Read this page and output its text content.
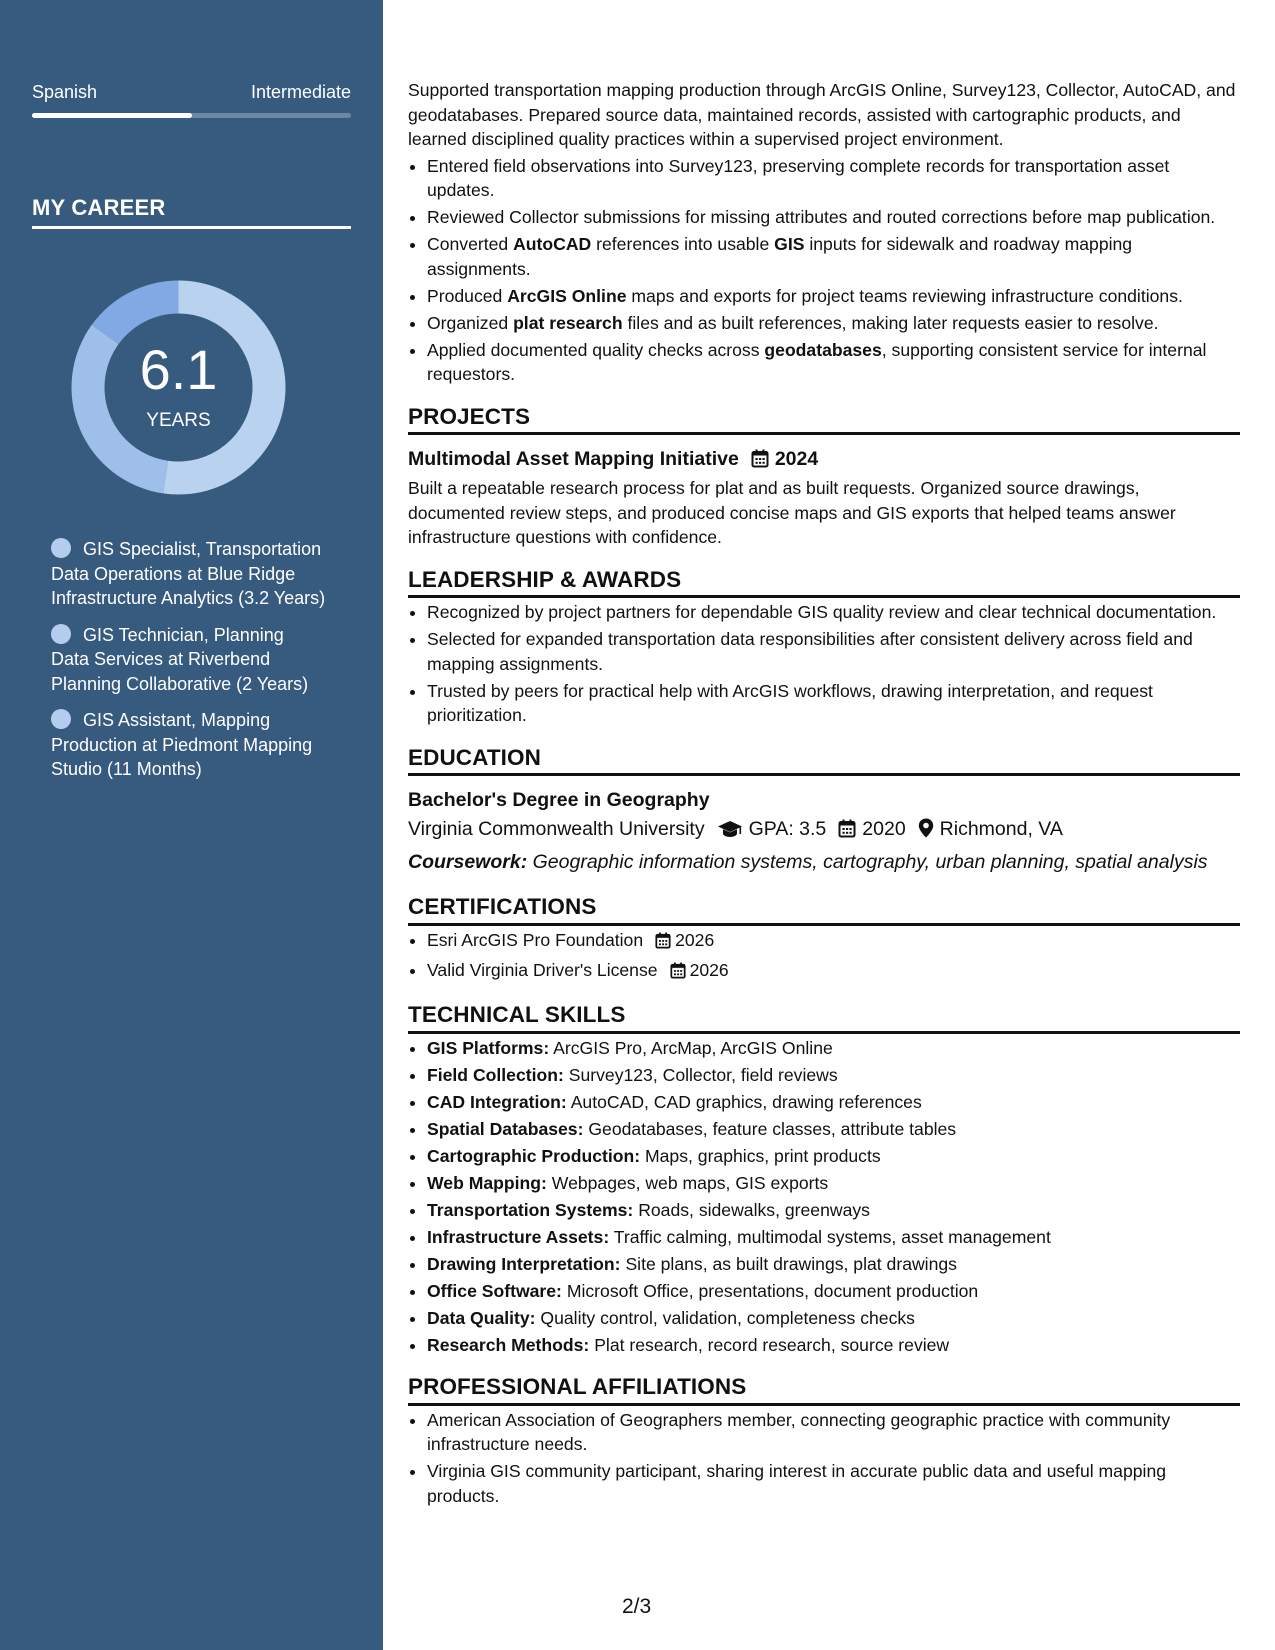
Spanish	Intermediate
MY CAREER
6.1
YEARS
GIS Specialist, Transportation Data Operations at Blue Ridge Infrastructure Analytics (3.2 Years)
GIS Technician, Planning Data Services at Riverbend Planning Collaborative (2 Years)
GIS Assistant, Mapping Production at Piedmont Mapping Studio (11 Months)

Supported transportation mapping production through ArcGIS Online, Survey123, Collector, AutoCAD, and geodatabases. Prepared source data, maintained records, assisted with cartographic products, and learned disciplined quality practices within a supervised project environment.

• Entered field observations into Survey123, preserving complete records for transportation asset updates.
• Reviewed Collector submissions for missing attributes and routed corrections before map publication.
• Converted AutoCAD references into usable GIS inputs for sidewalk and roadway mapping assignments.
• Produced ArcGIS Online maps and exports for project teams reviewing infrastructure conditions.
• Organized plat research files and as built references, making later requests easier to resolve.
• Applied documented quality checks across geodatabases, supporting consistent service for internal requestors.
PROJECTS
Multimodal Asset Mapping Initiative 2024

Built a repeatable research process for plat and as built requests. Organized source drawings, documented review steps, and produced concise maps and GIS exports that helped teams answer infrastructure questions with confidence.

LEADERSHIP & AWARDS
• Recognized by project partners for dependable GIS quality review and clear technical documentation.
• Selected for expanded transportation data responsibilities after consistent delivery across field and mapping assignments.
• Trusted by peers for practical help with ArcGIS workflows, drawing interpretation, and request prioritization.
EDUCATION
Bachelor's Degree in Geography
Virginia Commonwealth University GPA: 3.5 2020 Richmond, VA
Coursework: Geographic information systems, cartography, urban planning, spatial analysis
CERTIFICATIONS
• Esri ArcGIS Pro Foundation 2026
• Valid Virginia Driver's License 2026
TECHNICAL SKILLS
• GIS Platforms: ArcGIS Pro, ArcMap, ArcGIS Online
• Field Collection: Survey123, Collector, field reviews
• CAD Integration: AutoCAD, CAD graphics, drawing references
• Spatial Databases: Geodatabases, feature classes, attribute tables
• Cartographic Production: Maps, graphics, print products
• Web Mapping: Webpages, web maps, GIS exports
• Transportation Systems: Roads, sidewalks, greenways
• Infrastructure Assets: Traffic calming, multimodal systems, asset management
• Drawing Interpretation: Site plans, as built drawings, plat drawings
• Office Software: Microsoft Office, presentations, document production
• Data Quality: Quality control, validation, completeness checks
• Research Methods: Plat research, record research, source review
PROFESSIONAL AFFILIATIONS
• American Association of Geographers member, connecting geographic practice with community infrastructure needs.
• Virginia GIS community participant, sharing interest in accurate public data and useful mapping products.
2/3
